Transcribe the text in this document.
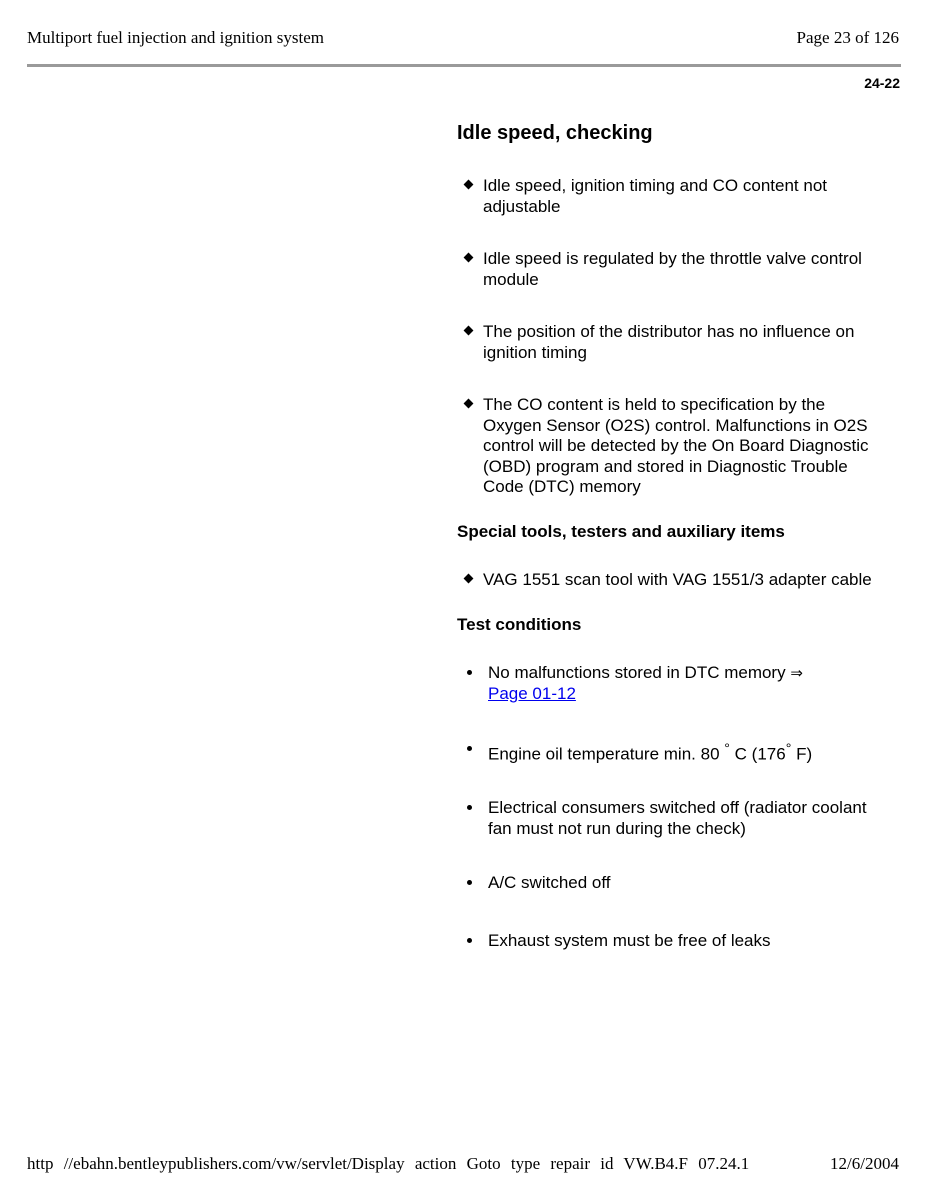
Multiport fuel injection and ignition system	Page 23 of 126
24-22
Idle speed, checking
Idle speed, ignition timing and CO content not adjustable
Idle speed is regulated by the throttle valve control module
The position of the distributor has no influence on ignition timing
The CO content is held to specification by the Oxygen Sensor (O2S) control. Malfunctions in O2S control will be detected by the On Board Diagnostic (OBD) program and stored in Diagnostic Trouble Code (DTC) memory
Special tools, testers and auxiliary items
VAG 1551 scan tool with VAG 1551/3 adapter cable
Test conditions
No malfunctions stored in DTC memory ⇒
Page 01-12
Engine oil temperature min. 80 ° C (176° F)
Electrical consumers switched off (radiator coolant fan must not run during the check)
A/C switched off
Exhaust system must be free of leaks
http //ebahn.bentleypublishers.com/vw/servlet/Display action Goto type repair id VW.B4.F 07.24.1	12/6/2004
